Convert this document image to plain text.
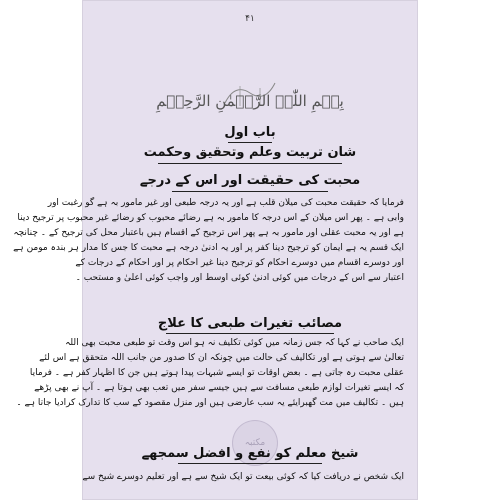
۴۱
بِسۡمِ اللّٰہِ الرَّحۡمٰنِ الرَّحِیۡمِ
باب اول
شان تربیت وعلم وتحقیق وحکمت
محبت کی حقیقت اور اس کے درجے
فرمایا کہ حقیقت محبت کی میلان قلب ہے اور یہ درجہ طبعی اور غیر مامور بہ ہے گو رغبت اور
وابی ہے ۔ پھر اس میلان کے اس درجہ کا مامور بہ ہے رضائے محبوب کو رضائے غیر محبوب پر ترجیح دینا
ہے اور یہ محبت عقلی اور مامور بہ ہے پھر اس ترجیح کے اقسام ہیں باعتبار محل کی ترجیح کے ۔ چنانچہ
ایک قسم یہ ہے ایمان کو ترجیح دینا کفر پر اور یہ ادنیٰ درجہ ہے محبت کا جس کا مدار ہر بندہ مومن ہے
اور دوسرے اقسام میں دوسرے احکام کو ترجیح دینا غیر احکام پر اور احکام کے درجات کے
اعتبار سے اس کے درجات میں کوئی ادنیٰ کوئی اوسط اور واجب کوئی اعلیٰ و مستحب ۔
مصائب تغیرات طبعی کا علاج
ایک صاحب نے کہا کہ جس زمانہ میں کوئی تکلیف نہ ہو اس وقت تو طبعی محبت بھی اللہ
تعالیٰ سے ہوتی ہے اور تکالیف کی حالت میں چونکہ ان کا صدور من جانب اللہ متحقق ہے اس لئے
عقلی محبت رہ جاتی ہے ۔ بعض اوقات تو ایسے شبہات پیدا ہوتے ہیں جن کا اظہار کفر ہے ۔ فرمایا
کہ ایسے تغیرات لوازم طبعی مسافت سے ہیں جیسے سفر میں تعب بھی ہوتا ہے ۔ آپ نے بھی پڑھے
ہیں ۔ تکالیف میں مت گھبرایئے یہ سب عارضی ہیں اور منزل مقصود کے سب کا تدارک کرادیا جاتا ہے ۔
مکتبہ
شیخ معلم کو نفع و افضل سمجھے
ایک شخص نے دریافت کیا کہ کوئی بیعت تو ایک شیخ سے ہے اور تعلیم دوسرے شیخ سے
